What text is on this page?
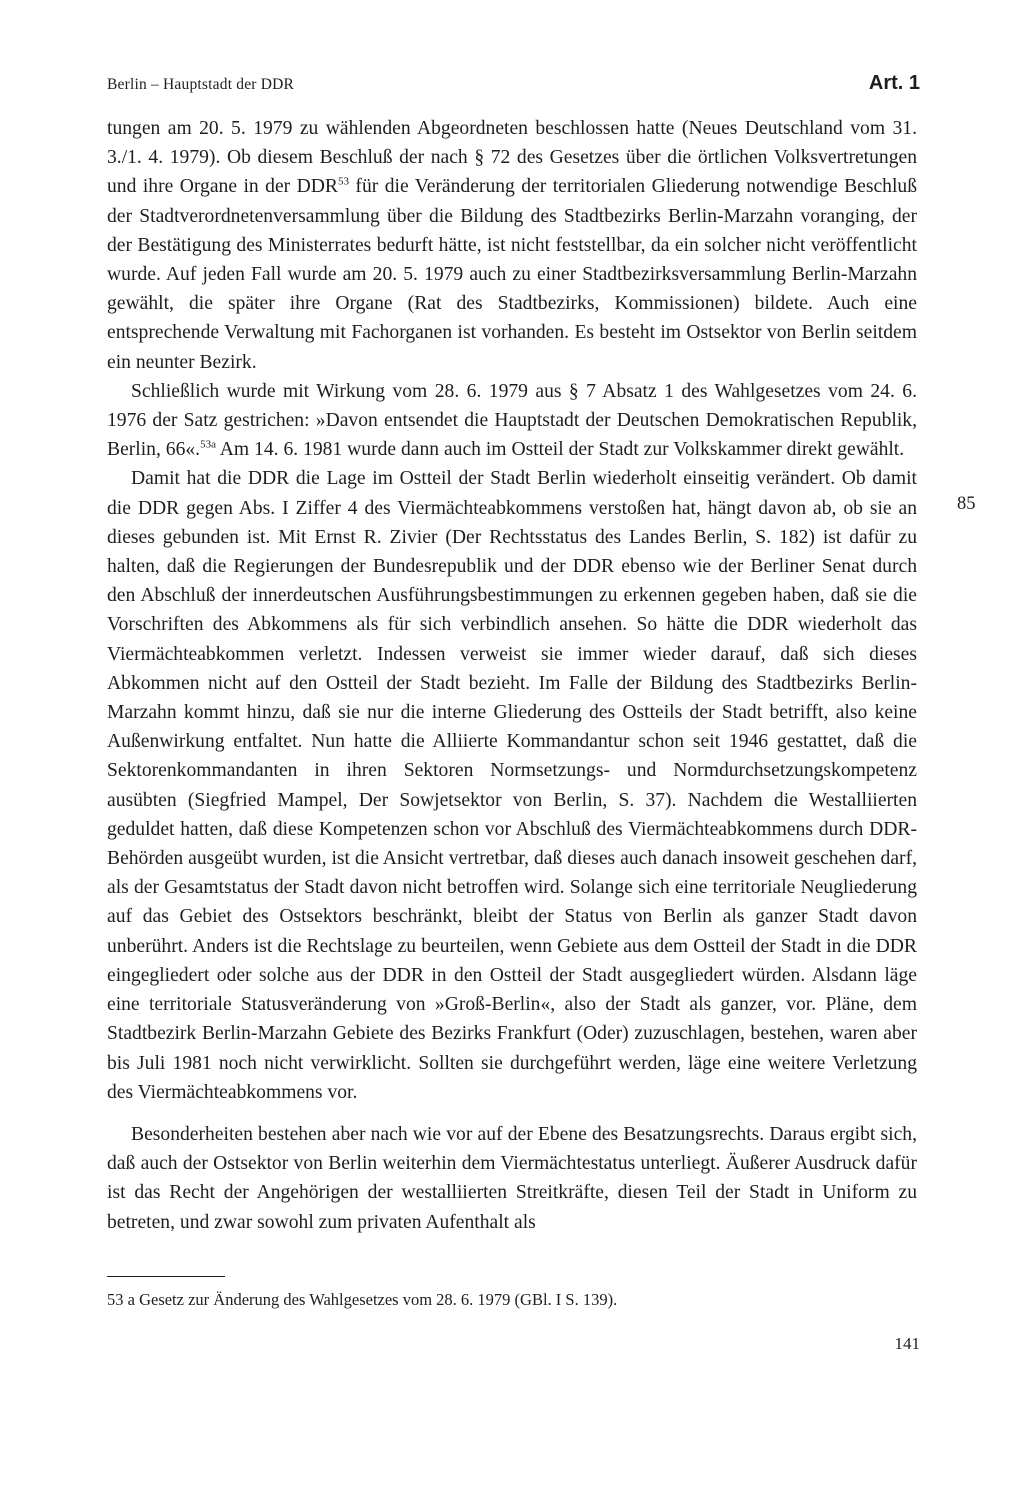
Berlin – Hauptstadt der DDR	Art. 1

tungen am 20. 5. 1979 zu wählenden Abgeordneten beschlossen hatte (Neues Deutschland vom 31. 3./1. 4. 1979). Ob diesem Beschluß der nach § 72 des Gesetzes über die örtlichen Volksvertretungen und ihre Organe in der DDR$^{53}$ für die Veränderung der territorialen Gliederung notwendige Beschluß der Stadtverordnetenversammlung über die Bildung des Stadtbezirks Berlin-Marzahn voranging, der der Bestätigung des Ministerrates bedurft hätte, ist nicht feststellbar, da ein solcher nicht veröffentlicht wurde. Auf jeden Fall wurde am 20. 5. 1979 auch zu einer Stadtbezirksversammlung Berlin-Marzahn gewählt, die später ihre Organe (Rat des Stadtbezirks, Kommissionen) bildete. Auch eine entsprechende Verwaltung mit Fachorganen ist vorhanden. Es besteht im Ostsektor von Berlin seitdem ein neunter Bezirk.

Schließlich wurde mit Wirkung vom 28. 6. 1979 aus § 7 Absatz 1 des Wahlgesetzes vom 24. 6. 1976 der Satz gestrichen: »Davon entsendet die Hauptstadt der Deutschen Demokratischen Republik, Berlin, 66«.$^{53a}$ Am 14. 6. 1981 wurde dann auch im Ostteil der Stadt zur Volkskammer direkt gewählt.

Damit hat die DDR die Lage im Ostteil der Stadt Berlin wiederholt einseitig verändert. Ob damit die DDR gegen Abs. I Ziffer 4 des Viermächteabkommens verstoßen hat, hängt davon ab, ob sie an dieses gebunden ist. Mit Ernst R. Zivier (Der Rechtsstatus des Landes Berlin, S. 182) ist dafür zu halten, daß die Regierungen der Bundesrepublik und der DDR ebenso wie der Berliner Senat durch den Abschluß der innerdeutschen Ausführungsbestimmungen zu erkennen gegeben haben, daß sie die Vorschriften des Abkommens als für sich verbindlich ansehen. So hätte die DDR wiederholt das Viermächteabkommen verletzt. Indessen verweist sie immer wieder darauf, daß sich dieses Abkommen nicht auf den Ostteil der Stadt bezieht. Im Falle der Bildung des Stadtbezirks Berlin-Marzahn kommt hinzu, daß sie nur die interne Gliederung des Ostteils der Stadt betrifft, also keine Außenwirkung entfaltet. Nun hatte die Alliierte Kommandantur schon seit 1946 gestattet, daß die Sektorenkommandanten in ihren Sektoren Normsetzungs- und Normdurchsetzungskompetenz ausübten (Siegfried Mampel, Der Sowjetsektor von Berlin, S. 37). Nachdem die Westalliierten geduldet hatten, daß diese Kompetenzen schon vor Abschluß des Viermächteabkommens durch DDR-Behörden ausgeübt wurden, ist die Ansicht vertretbar, daß dieses auch danach insoweit geschehen darf, als der Gesamtstatus der Stadt davon nicht betroffen wird. Solange sich eine territoriale Neugliederung auf das Gebiet des Ostsektors beschränkt, bleibt der Status von Berlin als ganzer Stadt davon unberührt. Anders ist die Rechtslage zu beurteilen, wenn Gebiete aus dem Ostteil der Stadt in die DDR eingegliedert oder solche aus der DDR in den Ostteil der Stadt ausgegliedert würden. Alsdann läge eine territoriale Statusveränderung von »Groß-Berlin«, also der Stadt als ganzer, vor. Pläne, dem Stadtbezirk Berlin-Marzahn Gebiete des Bezirks Frankfurt (Oder) zuzuschlagen, bestehen, waren aber bis Juli 1981 noch nicht verwirklicht. Sollten sie durchgeführt werden, läge eine weitere Verletzung des Viermächteabkommens vor.

Besonderheiten bestehen aber nach wie vor auf der Ebene des Besatzungsrechts. Daraus ergibt sich, daß auch der Ostsektor von Berlin weiterhin dem Viermächtestatus unterliegt. Äußerer Ausdruck dafür ist das Recht der Angehörigen der westalliierten Streitkräfte, diesen Teil der Stadt in Uniform zu betreten, und zwar sowohl zum privaten Aufenthalt als

85
53 a Gesetz zur Änderung des Wahlgesetzes vom 28. 6. 1979 (GBl. I S. 139).
141
